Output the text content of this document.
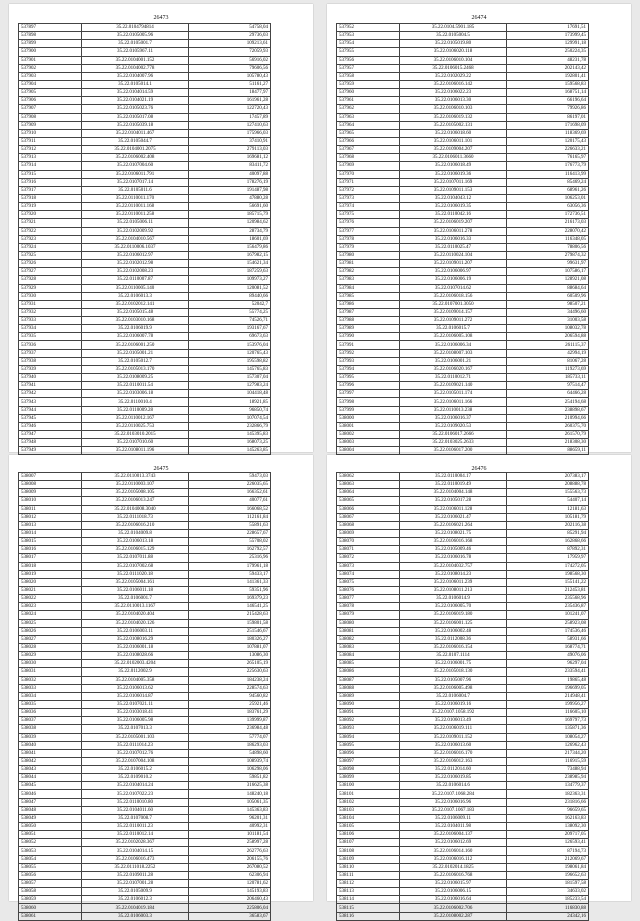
26473
537897	35.22.0104794814	54758,04
537898	35.22.0105005.96	29736,03
537899	35.22.0105001.7	109213,61
537900	35.22.0105967.11	72059,93
537901	35.22.0104001.152	56916,02
537902	35.22.0104002.778	79606,56
537903	35.22.0104007.96	105780,43
537904	35.22.0105014.1	51161,27
537905	35.22.0104014.59	18477,97
537906	35.22.0104021.19	161961,28
537907	35.22.0105023.76	122720,43
537908	35.22.0105017.08	17457,89
537909	35.22.0105039.18	127410,63
537910	35.22.0104011.467	175966,03
537911	35.22.0105044.7	37410,91
537912	35.22.0104001.2075	279113,03
537913	35.22.0106002.408	169681,12
537914	35.22.0107004.60	83411,72
537915	35.22.0106011.791	40097,88
537916	35.22.0107017.14	178276,19
537917	35.22.0105011.6	191487,98
537918	35.22.0110011.170	47880,28
537919	35.22.0110011.168	56691,60
537920	35.22.0110011.258	185715,79
537921	35.22.0105006.11	120984,62
537922	35.22.0102009.92	28734,79
537923	35.22.0104010.567	18601,69
537924	35.22.0110006.1037	156479,86
537925	35.22.0106012.97	167982,15
537926	35.22.0102012.98	154621,34
537927	35.22.0102008.23	187259,63
537928	35.22.0110007.87	109973,27
537929	35.22.0110005.140	120081,52
537930	35.22.0106013.3	89440,66
537931	35.22.0102012.141	52042,7
537932	35.22.0105015.48	55774,25
537933	35.22.0103010.168	74526,71
537934	35.22.0106019.9	193167,67
537935	35.22.0106007.78	69673,63
537936	35.22.0106001.250	153976,04
537937	35.22.0105001.21	120765,43
537938	35.22.0105012.7	195598,82
537939	35.22.0105013.170	145765,83
537940	35.22.0108009.25	157307,04
537941	35.22.0110011.54	127983,24
537942	35.22.0103006.18	104418,48
537943	35.22.0110010.4	18921,85
537944	35.22.0110009.28	96850,74
537945	35.22.0110012.167	107074,54
537946	35.22.0110025.753	232866,79
537947	35.22.0103010.2015	145395,83
537948	35.22.0107010.60	168073,25
537949	35.22.0108011.196	145263,85

26474
537952	35.22.0104.5901.185	17691,51
537953	35.22.0105004.5	173999,45
537954	35.22.0105019.80	129991,18
537955	35.22.0106020.118	250224,35
537956	35.22.0106010.104	48231,78
537957	35.22.0106015.2468	202143,42
537958	35.22.0102029.22	192801,41
537959	35.22.0106016.142	159568,83
537960	35.22.0106022.23	168751,14
537961	35.22.0106013.30	66196,64
537962	35.22.0106010.103	79926,86
537963	35.22.0106019.132	86197,01
537964	35.22.0105002.131	171698,09
537965	35.22.0106018.60	118369,69
537966	35.22.0106011.101	120175,43
537967	35.22.0109004.207	226633,21
537968	35.22.0106011.3660	76165,97
537969	35.22.0106018.49	176773,79
537970	35.22.0106019.36	116413,99
537971	35.22.0107011.169	85469,24
537972	35.22.0109011.153	68961,26
537973	35.22.0104043.12	106253,01
537974	35.22.0106019.35	63056,36
537975	35.22.0110042.16	172736,51
537976	35.22.0106019.207	216173,03
537977	35.22.0106011.278	228070,42
537978	35.22.0106016.33	116348,05
537979	35.22.0110025.47	78806,56
537980	35.22.0110024.104	279874,32
537981	35.22.0109011.207	99631,97
537982	35.22.0106006.97	107586,17
537983	35.22.0106006.19	128921,08
537984	35.22.0107014.62	88684,64
537985	35.22.0106018.156	60509,96
537986	35.22.0107001.3050	98507,21
537987	35.22.0109014.157	34496,60
537988	35.22.0109011.272	31003,58
537989	35.22.0106015.7	108032,78
537990	35.22.0106005.108	206594,88
537991	35.22.0106006.34	261115,37
537992	35.22.0108007.103	42994,19
537993	35.22.0106001.21	81067,28
537994	35.22.0106020.167	119273,69
537995	35.22.0110012.71	185733,11
537996	35.22.0109021.140	97514,47
537997	35.22.0105011.174	64466,28
537998	35.22.0106011.166	254194,68
537999	35.22.0110013.238	238898,67
538000	35.22.0106016.37	210994,66
538001	35.22.0109020.53	260375,70
538002	35.22.0106017.2666	261570,79
538003	35.22.0103025.2633	218308,30
538004	35.22.0106017.200	88659,11

26475
538007	35.22.0110013.3743	59473,03
538008	35.22.0110003.107	226035,65
538009	35.22.0105008.105	166352,61
538010	35.22.0106013.247	40077,61
538011	35.22.0104008.3040	166068,52
538012	35.22.0111018.73	112161,84
538013	35.22.0106016.210	55891,63
538014	35.22.0104009.8	228657,67
538015	35.22.0106013.18	55708,02
538016	35.22.0106015.129	162792,57
538017	35.22.0107011.88	25316,96
538018	35.22.0107002.68	179961,18
538019	35.22.0111020.18	59433,17
538020	35.22.0105004.161	141361,33
538021	35.22.0106011.18	59351,96
538022	35.22.0106001.7	169379,23
538023	35.22.0110013.1167	146541,25
538024	35.22.0104020.404	215428,63
538025	35.22.0104020.126	159801,58
538026	35.22.0106003.11	251546,67
538027	35.22.0108016.29	180326,27
538028	35.22.0106001.18	107881,07
538029	35.22.0108028.66	13086,30
538030	35.22.0102003.4204	265105,19
538031	35.22.0112002.9	225630,63
538032	35.22.0104005.358	184238,24
538033	35.22.0106013.62	228574,63
538034	35.22.0106014.87	94560,82
538035	35.22.0107021.11	25921,46
538036	35.22.0103018.41	183761,29
538037	35.22.0106005.98	139999,87
538038	35.22.0107013.3	236984,48
538039	35.22.0105001.103	57774,07
538040	35.22.0111014.23	186293,03
538041	35.22.0107012.76	54898,60
538042	35.22.0107004.108	108939,74
538043	35.22.0106015.2	106298,06
538044	35.22.0109010.2	59851,82
538045	35.22.0104014.24	316625,38
538046	35.22.0107022.23	148240,18
538047	35.22.0110010.80	105061,35
538048	35.22.0104011.60	145363,83
538049	35.22.0107008.7	96201,31
538050	35.22.0110011.23	40992,31
538051	35.22.0110012.14	101181,54
538052	35.22.0102028.367	258997,28
538053	35.22.0104014.15	262776,63
538054	35.22.0106016.473	206155,76
538055	35.22.0111018.2252	267080,52
538056	35.22.0109011.28	62306,94
538057	35.22.0107001.28	120781,62
538058	35.22.0105009.9	145193,83
538059	35.22.0106012.3	206460,43
538060	35.22.0104019.184	225806,04
538061	35.22.0106003.3	36583,67
26476
538062	35.22.0110004.17	207383,17
538063	35.22.0110019.49	208888,78
538064	35.22.0104004.148	155563,73
538065	35.22.0105017.28	54407,14
538066	35.22.0106011.128	12181,63
538067	35.22.0106021.47	105181,79
538068	35.22.0106021.264	202116,38
538069	35.22.0108021.75	85291,94
538070	35.22.0106016.168	162868,66
538071	35.22.0105009.46	87892,31
538072	35.22.0106016.78	17959,97
538073	35.22.0104032.757	174272,05
538074	35.22.0108014.23	198568,30
538075	35.22.0106011.239	155141,22
538076	35.22.0108011.213	212453,81
538077	35.22.0106014.9	235568,96
538078	35.22.0106005.70	235436,87
538079	35.22.0106019.180	101241,07
538080	35.22.0106001.125	258923,08
538081	35.22.0106002.48	174536,46
538082	35.22.0112008.36	58931,66
538083	35.22.0106016.154	168774,71
538084	35.22.0107.1114	49076,06
538085	35.22.0106001.75	96297,04
538086	35.22.0105018.130	233594,41
538087	35.22.0105007.96	19865,48
538088	35.22.0106005.498	196699,05
538089	35.22.0106004.7	214948,41
538090	35.22.0106019.16	199956,27
538091	35.22.0107.1058.192	116605,10
538092	35.22.0106013.49	169797,73
538093	35.22.0106019.111	135871,36
538094	35.22.0109011.152	108054,27
538095	35.22.0106013.60	126962,43
538096	35.22.0106016.170	217344,20
538097	35.22.0106012.163	116915,59
538098	35.22.0112014.60	73488,94
538099	35.22.0106019.85	238985,94
538100	35.22.0106014.6	134779,37
538101	35.22.0107.1068.284	182363,31
538102	35.22.0106016.96	231816,66
538103	35.22.0107.1067.183	96659,65
538104	35.22.0106009.11	162163,83
538105	35.22.0104011.98	138092,30
538106	35.22.0106004.137	209717,05
538107	35.22.0106012.69	126593,41
538108	35.22.0106014.160	87194,73
538109	35.22.0106016.112	212069,67
538110	35.22.0102014.1825	198061,84
538111	35.22.0106016.768	196652,63
538112	35.22.0106015.97	181597,58
538113	35.22.0106006.15	34633,02
538114	35.22.0106016.64	185233,54
538115	35.22.0106002.706	116830,88
538116	35.22.0108002.287	24342,16
